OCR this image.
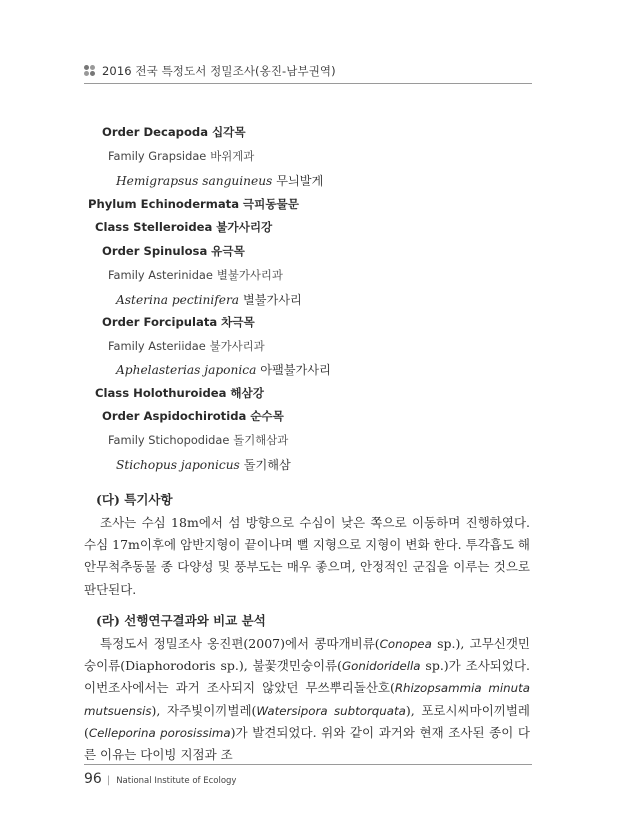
2016 전국 특정도서 정밀조사(옹진-남부권역)
Order Decapoda 십각목
Family Grapsidae 바위게과
Hemigrapsus sanguineus 무늬발게
Phylum Echinodermata 극피동물문
Class Stelleroidea 불가사리강
Order Spinulosa 유극목
Family Asterinidae 별불가사리과
Asterina pectinifera 별불가사리
Order Forcipulata 차극목
Family Asteriidae 불가사리과
Aphelasterias japonica 아팰불가사리
Class Holothuroidea 해삼강
Order Aspidochirotida 순수목
Family Stichopodidae 돌기해삼과
Stichopus japonicus 돌기해삼
(다) 특기사항
조사는 수심 18m에서 섬 방향으로 수심이 낮은 쪽으로 이동하며 진행하였다. 수심 17m이후에 암반지형이 끝이나며 뻘 지형으로 지형이 변화 한다. 투각흡도 해안무척추동물 종 다양성 및 풍부도는 매우 좋으며, 안정적인 군집을 이루는 것으로 판단된다.
(라) 선행연구결과와 비교 분석
특정도서 정밀조사 옹진편(2007)에서 콩따개비류(Conopea sp.), 고무신갯민숭이류(Diaphorodoris sp.), 불꽃갯민숭이류(Gonidoridella sp.)가 조사되었다. 이번조사에서는 과거 조사되지 않았던 무쓰뿌리돌산호(Rhizopsammia minuta mutsuensis), 자주빛이끼벌레(Watersipora subtorquata), 포로시씨마이끼벌레(Celleporina porosissima)가 발견되었다. 위와 같이 과거와 현재 조사된 종이 다른 이유는 다이빙 지점과 조
96 | National Institute of Ecology
